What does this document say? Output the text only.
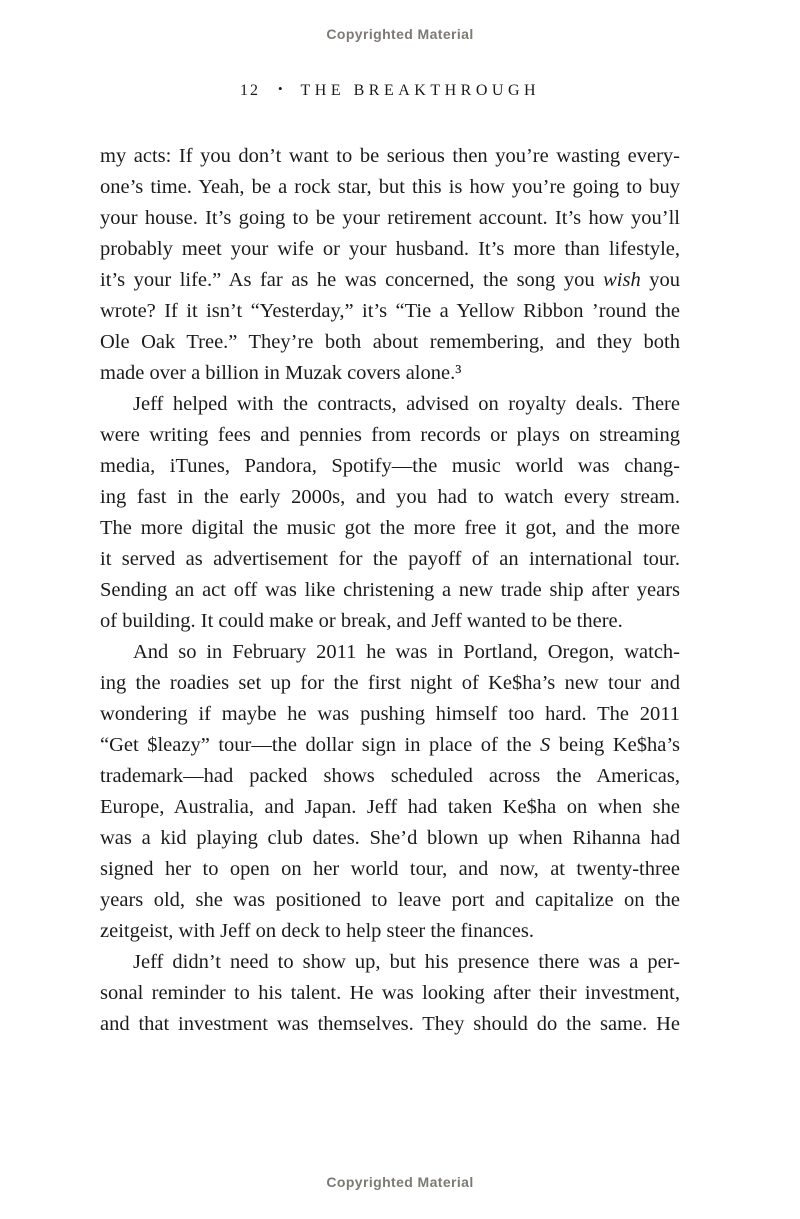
Copyrighted Material
12 • THE BREAKTHROUGH
my acts: If you don’t want to be serious then you’re wasting every-
one’s time. Yeah, be a rock star, but this is how you’re going to buy
your house. It’s going to be your retirement account. It’s how you’ll
probably meet your wife or your husband. It’s more than lifestyle,
it’s your life.” As far as he was concerned, the song you wish you
wrote? If it isn’t “Yesterday,” it’s “Tie a Yellow Ribbon ’round the
Ole Oak Tree.” They’re both about remembering, and they both
made over a billion in Muzak covers alone.³
Jeff helped with the contracts, advised on royalty deals. There
were writing fees and pennies from records or plays on streaming
media, iTunes, Pandora, Spotify—the music world was chang-
ing fast in the early 2000s, and you had to watch every stream.
The more digital the music got the more free it got, and the more
it served as advertisement for the payoff of an international tour.
Sending an act off was like christening a new trade ship after years
of building. It could make or break, and Jeff wanted to be there.
And so in February 2011 he was in Portland, Oregon, watch-
ing the roadies set up for the first night of Ke$ha’s new tour and
wondering if maybe he was pushing himself too hard. The 2011
“Get $leazy” tour—the dollar sign in place of the S being Ke$ha’s
trademark—had packed shows scheduled across the Americas,
Europe, Australia, and Japan. Jeff had taken Ke$ha on when she
was a kid playing club dates. She’d blown up when Rihanna had
signed her to open on her world tour, and now, at twenty-three
years old, she was positioned to leave port and capitalize on the
zeitgeist, with Jeff on deck to help steer the finances.
Jeff didn’t need to show up, but his presence there was a per-
sonal reminder to his talent. He was looking after their investment,
and that investment was themselves. They should do the same. He
Copyrighted Material
